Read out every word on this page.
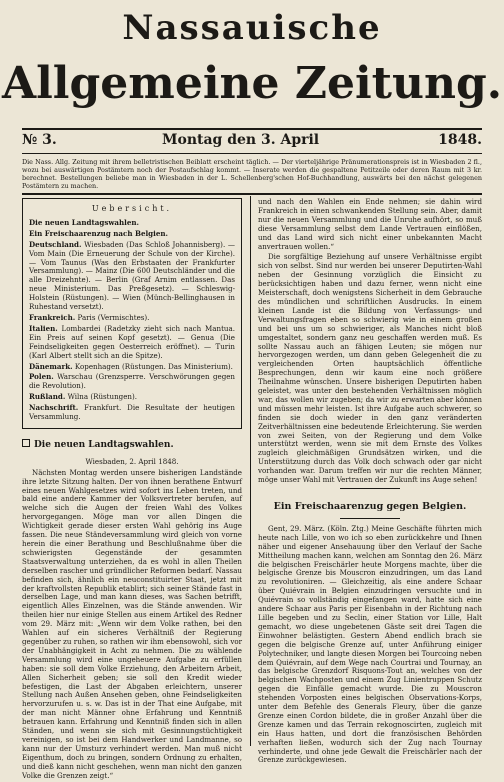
Nassauische
Allgemeine Zeitung.
№ 3.	Montag den 3. April	1848.
Die Nass. Allg. Zeitung mit ihrem belletristischen Beiblatt erscheint täglich. — Der vierteljährige Pränumerationspreis ist in Wiesbaden 2 fl., wozu bei auswärtigen Postämtern noch der Postaufschlag kommt. — Inserate werden die gespaltene Petitzeile oder deren Raum mit 3 kr. berechnet. Bestellungen beliebe man in Wiesbaden in der L. Schellenberg'schen Hof-Buchhandlung, auswärts bei den nächst gelegenen Postämtern zu machen.
Uebersicht.
Die neuen Landtagswahlen.
Ein Freischaarenzug nach Belgien.
Deutschland. Wiesbaden (Das Schloß Johannisberg). — Vom Main (Die Erneuerung der Schule von der Kirche). — Vom Taunus (Was den Erbstaaten der Frankfurter Versammlung). — Mainz (Die 600 Deutschländer und die alle Dreizehnte). — Berlin (Graf Arnim entlassen. Das neue Ministerium. Das Preßgesetz). — Schleswig-Holstein (Rüstungen). — Wien (Münch-Bellinghausen in Ruhestand versetzt).
Frankreich. Paris (Vermischtes).
Italien. Lombardei (Radetzky zieht sich nach Mantua. Ein Preis auf seinen Kopf gesetzt). — Genua (Die Feindseligkeiten gegen Oesterreich eröffnet). — Turin (Karl Albert stellt sich an die Spitze).
Dänemark. Kopenhagen (Rüstungen. Das Ministerium).
Polen. Warschau (Grenzsperre. Verschwörungen gegen die Revolution).
Rußland. Wilna (Rüstungen).
Nachschrift. Frankfurt. Die Resultate der heutigen Versammlung.
Die neuen Landtagswahlen.
Wiesbaden, 2. April 1848.
Nächsten Montag werden unsere bisherigen Landstände ihre letzte Sitzung halten. Der von ihnen berathene Entwurf eines neuen Wahlgesetzes wird sofort ins Leben treten, und bald eine andere Kammer der Volksvertreter berufen, auf welche sich die Augen der freien Wahl des Volkes hervorgegangen. Möge man vor allen Dingen die Wichtigkeit gerade dieser ersten Wahl gehörig ins Auge fassen. Die neue Ständeversammlung wird gleich von vorne herein die einer Berathung und Beschlußnahme über die schwierigsten Gegenstände der gesammten Staatsverwaltung unterziehen, da es wohl in allen Theilen derselben rascher und gründlicher Reformen bedarf. Nassau befinden sich, ähnlich ein neuconstituirter Staat, jetzt mit der kraftvollsten Republik etablirt; sich seiner Stände fast in derselben Lage, und man kann dieses, was Sachen betrifft, eigentlich Alles Einzelnen, was die Stände anwenden. Wir theilen hier nur einige Stellen aus einem Artikel des Redner vom 29. März mit: „Wenn wir dem Volke rathen, bei den Wahlen auf ein sicheres Verhältniß der Regierung gegenüber zu ruhen, so rathen wir ihm ebensowohl, sich vor der Unabhängigkeit in Acht zu nehmen. Die zu wählende Versammlung wird eine ungeheuere Aufgabe zu erfüllen haben: sie soll dem Volke Erziehung, den Arbeitern Arbeit, Allen Sicherheit geben; sie soll den Kredit wieder befestigen, die Last der Abgaben erleichtern, unserer Stellung nach Außen Ansehen geben, ohne Feindseligkeiten hervorzurufen u. s. w. Das ist in der That eine Aufgabe, mit der man nicht Männer ohne Erfahrung und Kenntniß betrauen kann. Erfahrung und Kenntniß finden sich in allen Ständen, und wenn sie sich mit Gesinnungstüchtigkeit vereinigen, so ist bei dem Handwerker und Landmanne, so kann nur der Umsturz verhindert werden. Man muß nicht Eigenthum, doch zu bringen, sondern Ordnung zu erhalten, und dieß kann nicht geschehen, wenn man nicht den ganzen Volke die Grenzen zeigt.“
und nach den Wahlen ein Ende nehmen; sie dahin wird Frankreich in einen schwankenden Stellung sein. Aber, damit nur die neuen Versammlung und die Unruhe aufhört, so muß diese Versammlung selbst dem Lande Vertrauen einflößen, und das Land wird sich nicht einer unbekannten Macht anvertrauen wollen.“
Die sorgfältige Beziehung auf unsere Verhältnisse ergibt sich von selbst. Sind nur werden bei unserer Deputirten-Wahl neben der Gesinnung vorzüglich die Einsicht zu berücksichtigen haben und dazu ferner, wenn nicht eine Meisterschaft, doch wenigstens Sicherheit in dem Gebrauche des mündlichen und schriftlichen Ausdrucks. In einem kleinen Lande ist die Bildung von Verfassungs- und Verwaltungsfragen eben so schwierig wie in einem großen und bei uns um so schwieriger, als Manches nicht bloß umgestaltet, sondern ganz neu geschaffen werden muß. Es sollte Nassau auch an fähigen Leuten; sie mögen nur hervorgezogen werden, um dann geben Gelegenheit die zu vergleichenden Orten hauptsächlich öffentliche Besprechungen, denn wir kaum eine noch größere Theilnahme wünschen. Unsere bisherigen Deputirten haben geleistet, was unter den bestehenden Verhältnissen möglich war, das wollen wir zugeben; da wir zu erwarten aber können und müssen mehr leisten. Ist ihre Aufgabe auch schwerer, so finden sie doch wieder in den ganz veränderten Zeitverhältnissen eine bedeutende Erleichterung. Sie werden von zwei Seiten, von der Regierung und dem Volke unterstützt werden, wenn sie mit dem Ernste des Volkes zugleich gleichmäßigen Grundsätzen wirken, und die Unterstützung durch das Volk doch schwach oder gar nicht vorhanden war. Darum treffen wir nur die rechten Männer, möge unser Wahl mit Vertrauen der Zukunft ins Auge sehen!
Ein Freischaarenzug gegen Belgien.
Gent, 29. März. (Köln. Ztg.) Meine Geschäfte führten mich heute nach Lille, von wo ich so eben zurückkehre und Ihnen näher und eigener Ansehauung über den Verlauf der Sache Mittheilung machen kann, welchen am Sonntag den 26. März die belgischen Freischärler heute Morgens machte, über die belgische Grenze bis Mouscron einzudringen, um das Land zu revolutioniren. — Gleichzeitig, als eine andere Schaar über Quiévrain in Belgien einzudringen versuchte und in Quiévrain so vollständig eingefangen ward, hatte sich eine andere Schaar aus Paris per Eisenbahn in der Richtung nach Lille begeben und zu Seclin, einer Station vor Lille, Halt gemacht, wo diese ungebetenen Gäste seit drei Tagen die Einwohner belästigten. Gestern Abend endlich brach sie gegen die belgische Grenze auf, unter Anführung einiger Polytechniker, und langte diesen Morgen bei Tourcoing neben dem Quiévrain, auf dem Wege nach Courtrai und Tournay, an das belgische Grenzdorf Risquons-Tout an, welches von der belgischen Wachposten und einem Zug Linientruppen Schutz gegen die Einfälle gemacht wurde. Die zu Mouscron stehenden Vorposten eines belgischen Observations-Korps, unter dem Befehle des Generals Fleury, über die ganze Grenze einen Cordon bildete, die in großer Anzahl über die Grenze kamen und das Terrain rekognoscirten, zugleich mit ein Haus hatten, und dort die französischen Behörden verhaften ließen, wodurch sich der Zug nach Tournay verhinderte, und ohne jede Gewalt die Freischärler nach der Grenze zurückgewiesen.
